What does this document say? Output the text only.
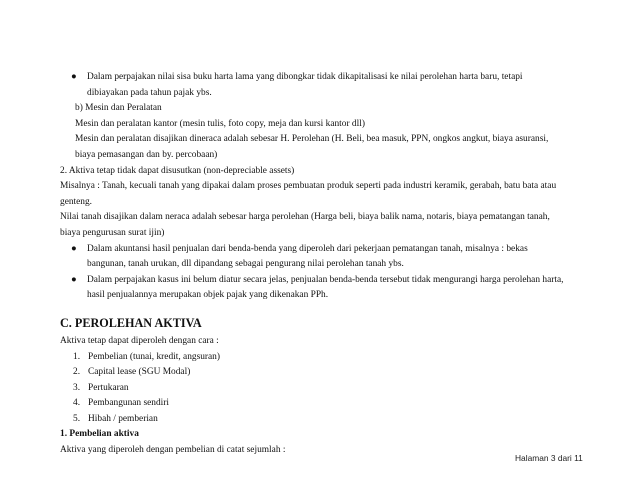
● Dalam perpajakan nilai sisa buku harta lama yang dibongkar tidak dikapitalisasi ke nilai perolehan harta baru, tetapi
dibiayakan pada tahun pajak ybs.
b) Mesin dan Peralatan
Mesin dan peralatan kantor (mesin tulis, foto copy, meja dan kursi kantor dll)
Mesin dan peralatan disajikan dineraca adalah sebesar H. Perolehan (H. Beli, bea masuk, PPN, ongkos angkut, biaya asuransi,
biaya pemasangan dan by. percobaan)
2. Aktiva tetap tidak dapat disusutkan (non-depreciable assets)
Misalnya : Tanah, kecuali tanah yang dipakai dalam proses pembuatan produk seperti pada industri keramik, gerabah, batu bata atau
genteng.
Nilai tanah disajikan dalam neraca adalah sebesar harga perolehan (Harga beli, biaya balik nama, notaris, biaya pematangan tanah,
biaya pengurusan surat ijin)
● Dalam akuntansi hasil penjualan dari benda-benda yang diperoleh dari pekerjaan pematangan tanah, misalnya : bekas
bangunan, tanah urukan, dll dipandang sebagai pengurang nilai perolehan tanah ybs.
● Dalam perpajakan kasus ini belum diatur secara jelas, penjualan benda-benda tersebut tidak mengurangi harga perolehan harta,
hasil penjualannya merupakan objek pajak yang dikenakan PPh.
C. PEROLEHAN AKTIVA
Aktiva tetap dapat diperoleh dengan cara :
1. Pembelian (tunai, kredit, angsuran)
2. Capital lease (SGU Modal)
3. Pertukaran
4. Pembangunan sendiri
5. Hibah / pemberian
1. Pembelian aktiva
Aktiva yang diperoleh dengan pembelian di catat sejumlah :
Halaman 3 dari 11
